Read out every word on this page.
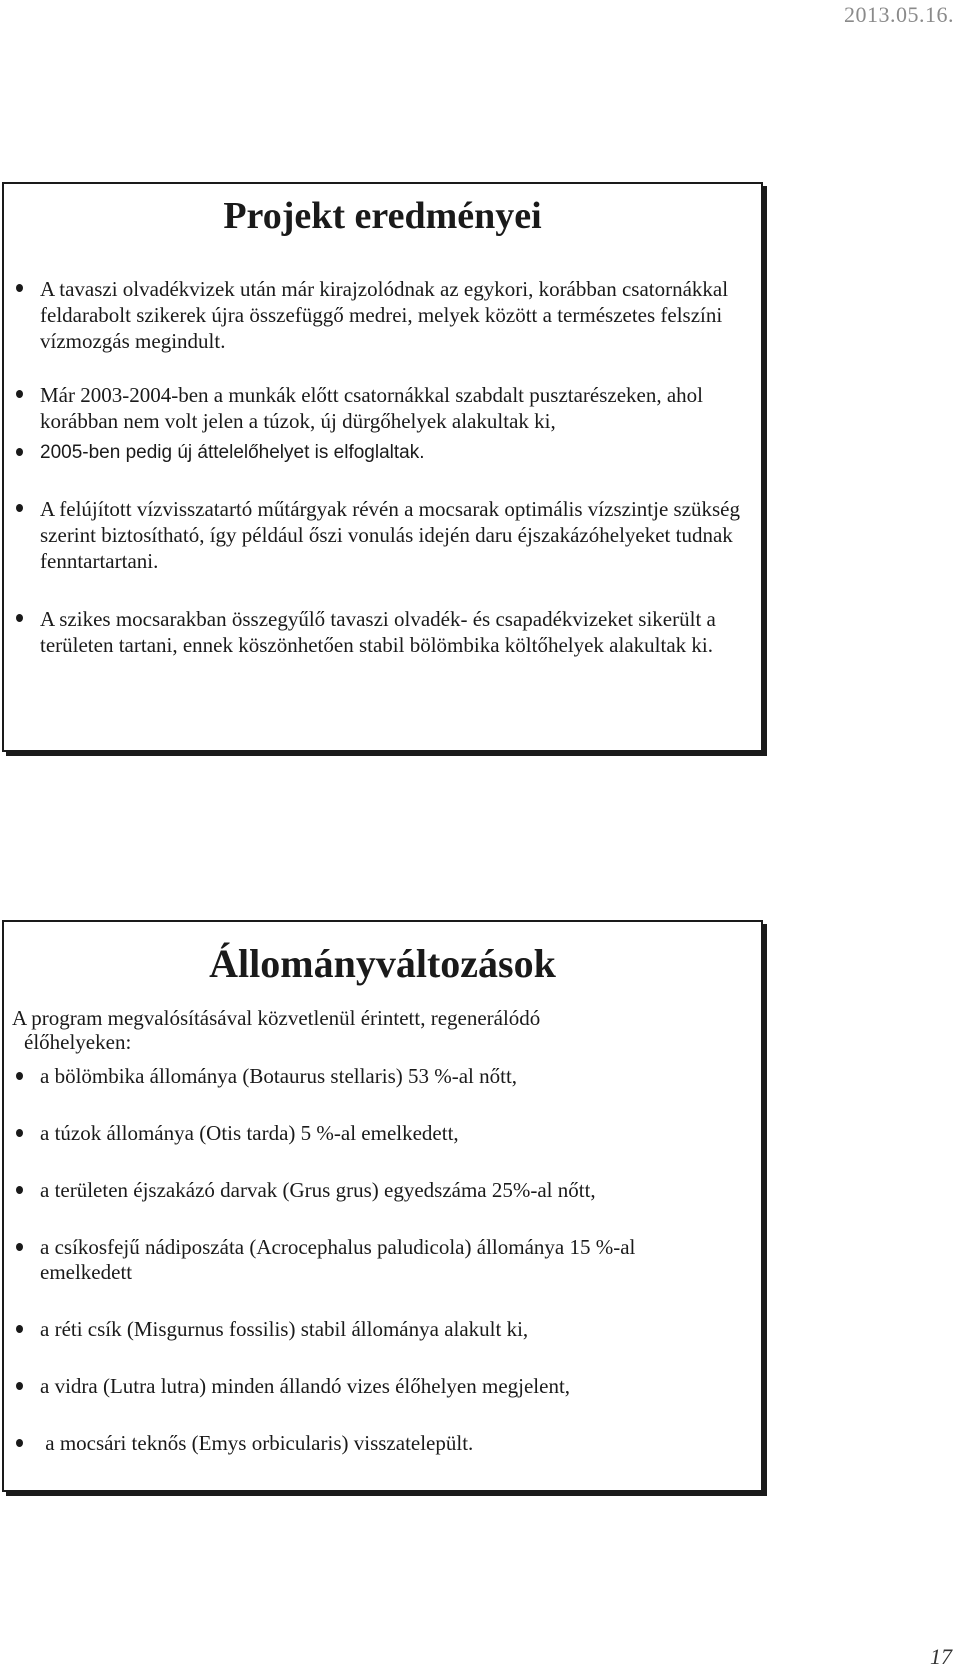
2013.05.16.
Projekt eredményei
A tavaszi olvadékvizek után már kirajzolódnak az egykori, korábban csatornákkal feldarabolt szikerek újra összefüggő medrei, melyek között a természetes felszíni vízmozgás megindult.
Már 2003-2004-ben a munkák előtt csatornákkal szabdalt pusztarészeken, ahol korábban nem volt jelen a túzok, új dürgőhelyek alakultak ki,
2005-ben pedig új áttelelőhelyet is elfoglaltak.
A felújított vízvisszatartó műtárgyak révén a mocsarak optimális vízszintje szükség szerint biztosítható, így például őszi vonulás idején daru éjszakázóhelyeket tudnak fenntartartani.
A szikes mocsarakban összegyűlő tavaszi olvadék- és csapadékvizeket sikerült a területen tartani, ennek köszönhetően stabil bölömbika költőhelyek alakultak ki.
Állományváltozások
A program megvalósításával közvetlenül érintett, regenerálódó
élőhelyeken:
a bölömbika állománya (Botaurus stellaris) 53 %-al nőtt,
a túzok állománya (Otis tarda) 5 %-al emelkedett,
a területen éjszakázó darvak (Grus grus) egyedszáma 25%-al nőtt,
a csíkosfejű nádiposzáta (Acrocephalus paludicola) állománya 15 %-al emelkedett
a réti csík (Misgurnus fossilis) stabil állománya alakult ki,
a vidra (Lutra lutra) minden állandó vizes élőhelyen megjelent,
a mocsári teknős (Emys orbicularis) visszatelepült.
17
